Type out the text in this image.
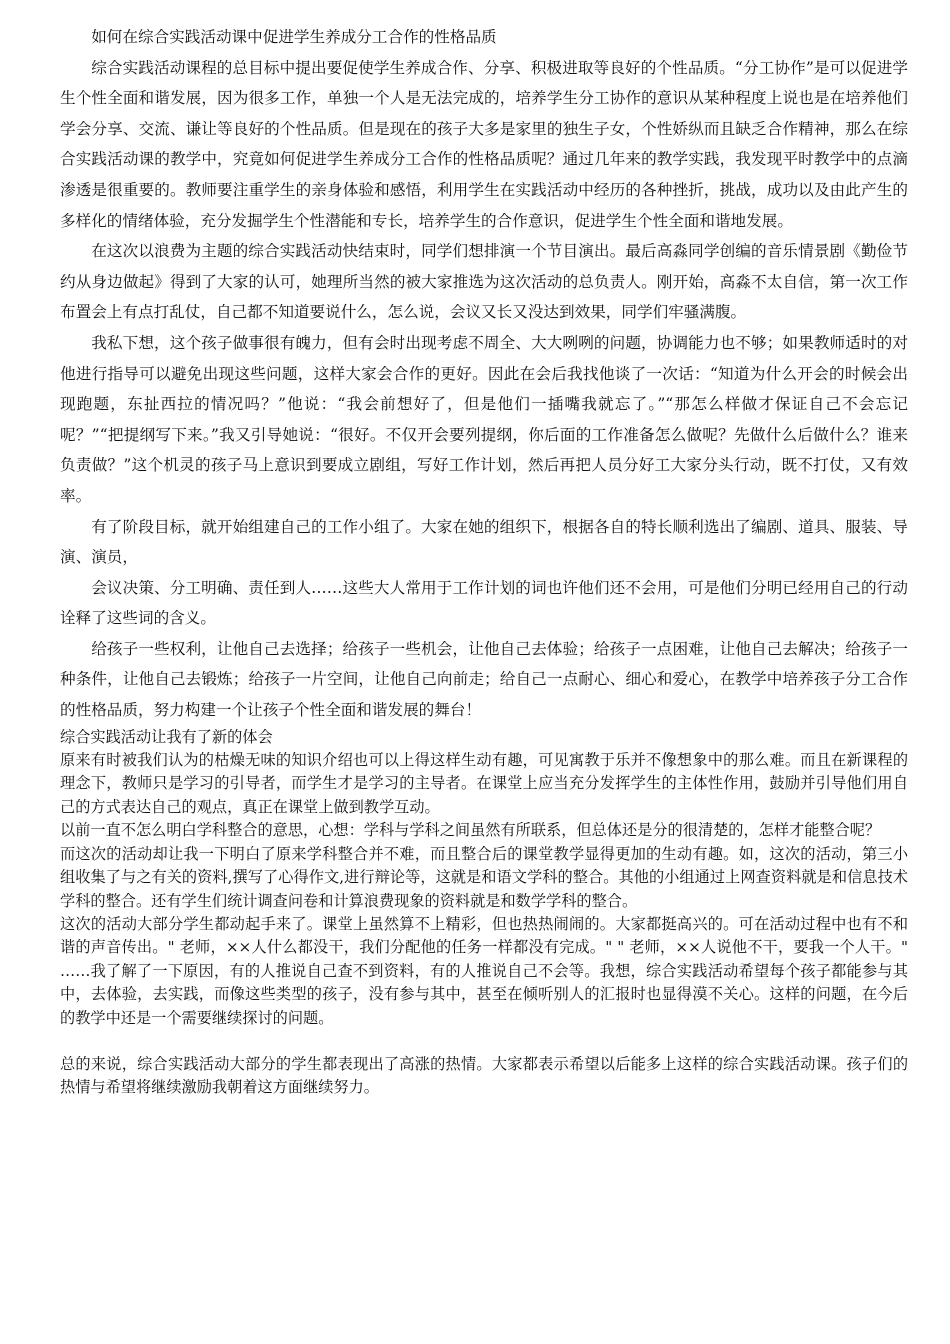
如何在综合实践活动课中促进学生养成分工合作的性格品质

综合实践活动课程的总目标中提出要促使学生养成合作、分享、积极进取等良好的个性品质。“分工协作”是可以促进学生个性全面和谐发展，因为很多工作，单独一个人是无法完成的，培养学生分工协作的意识从某种程度上说也是在培养他们学会分享、交流、谦让等良好的个性品质。但是现在的孩子大多是家里的独生子女，个性娇纵而且缺乏合作精神，那么在综合实践活动课的教学中，究竟如何促进学生养成分工合作的性格品质呢？通过几年来的教学实践，我发现平时教学中的点滴渗透是很重要的。教师要注重学生的亲身体验和感悟，利用学生在实践活动中经历的各种挫折，挑战，成功以及由此产生的多样化的情绪体验，充分发掘学生个性潜能和专长，培养学生的合作意识，促进学生个性全面和谐地发展。

在这次以浪费为主题的综合实践活动快结束时，同学们想排演一个节目演出。最后高淼同学创编的音乐情景剧《勤俭节约从身边做起》得到了大家的认可，她理所当然的被大家推选为这次活动的总负责人。刚开始，高淼不太自信，第一次工作布置会上有点打乱仗，自己都不知道要说什么，怎么说，会议又长又没达到效果，同学们牢骚满腹。

我私下想，这个孩子做事很有魄力，但有会时出现考虑不周全、大大咧咧的问题，协调能力也不够；如果教师适时的对他进行指导可以避免出现这些问题，这样大家会合作的更好。因此在会后我找他谈了一次话：“知道为什么开会的时候会出现跑题，东扯西拉的情况吗？”他说：“我会前想好了，但是他们一插嘴我就忘了。”“那怎么样做才保证自己不会忘记呢？”“把提纲写下来。”我又引导她说：“很好。不仅开会要列提纲，你后面的工作准备怎么做呢？先做什么后做什么？谁来负责做？”这个机灵的孩子马上意识到要成立剧组，写好工作计划，然后再把人员分好工大家分头行动，既不打仗，又有效率。

有了阶段目标，就开始组建自己的工作小组了。大家在她的组织下，根据各自的特长顺利选出了编剧、道具、服装、导演、演员，

会议决策、分工明确、责任到人……这些大人常用于工作计划的词也许他们还不会用，可是他们分明已经用自己的行动诠释了这些词的含义。

给孩子一些权利，让他自己去选择；给孩子一些机会，让他自己去体验；给孩子一点困难，让他自己去解决；给孩子一种条件，让他自己去锻炼；给孩子一片空间，让他自己向前走；给自己一点耐心、细心和爱心，在教学中培养孩子分工合作的性格品质，努力构建一个让孩子个性全面和谐发展的舞台！

综合实践活动让我有了新的体会

原来有时被我们认为的枯燥无味的知识介绍也可以上得这样生动有趣，可见寓教于乐并不像想象中的那么难。而且在新课程的理念下，教师只是学习的引导者，而学生才是学习的主导者。在课堂上应当充分发挥学生的主体性作用，鼓励并引导他们用自己的方式表达自己的观点，真正在课堂上做到教学互动。

以前一直不怎么明白学科整合的意思，心想：学科与学科之间虽然有所联系，但总体还是分的很清楚的，怎样才能整合呢？

而这次的活动却让我一下明白了原来学科整合并不难，而且整合后的课堂教学显得更加的生动有趣。如，这次的活动，第三小组收集了与之有关的资料,撰写了心得作文,进行辩论等，这就是和语文学科的整合。其他的小组通过上网查资料就是和信息技术学科的整合。还有学生们统计调查问卷和计算浪费现象的资料就是和数学学科的整合。

这次的活动大部分学生都动起手来了。课堂上虽然算不上精彩，但也热热闹闹的。大家都挺高兴的。可在活动过程中也有不和谐的声音传出。" 老师，××人什么都没干，我们分配他的任务一样都没有完成。" " 老师，××人说他不干，要我一个人干。" ……我了解了一下原因，有的人推说自己查不到资料，有的人推说自己不会等。我想，综合实践活动希望每个孩子都能参与其中，去体验，去实践，而像这些类型的孩子，没有参与其中，甚至在倾听别人的汇报时也显得漠不关心。这样的问题，在今后的教学中还是一个需要继续探讨的问题。

总的来说，综合实践活动大部分的学生都表现出了高涨的热情。大家都表示希望以后能多上这样的综合实践活动课。孩子们的热情与希望将继续激励我朝着这方面继续努力。
